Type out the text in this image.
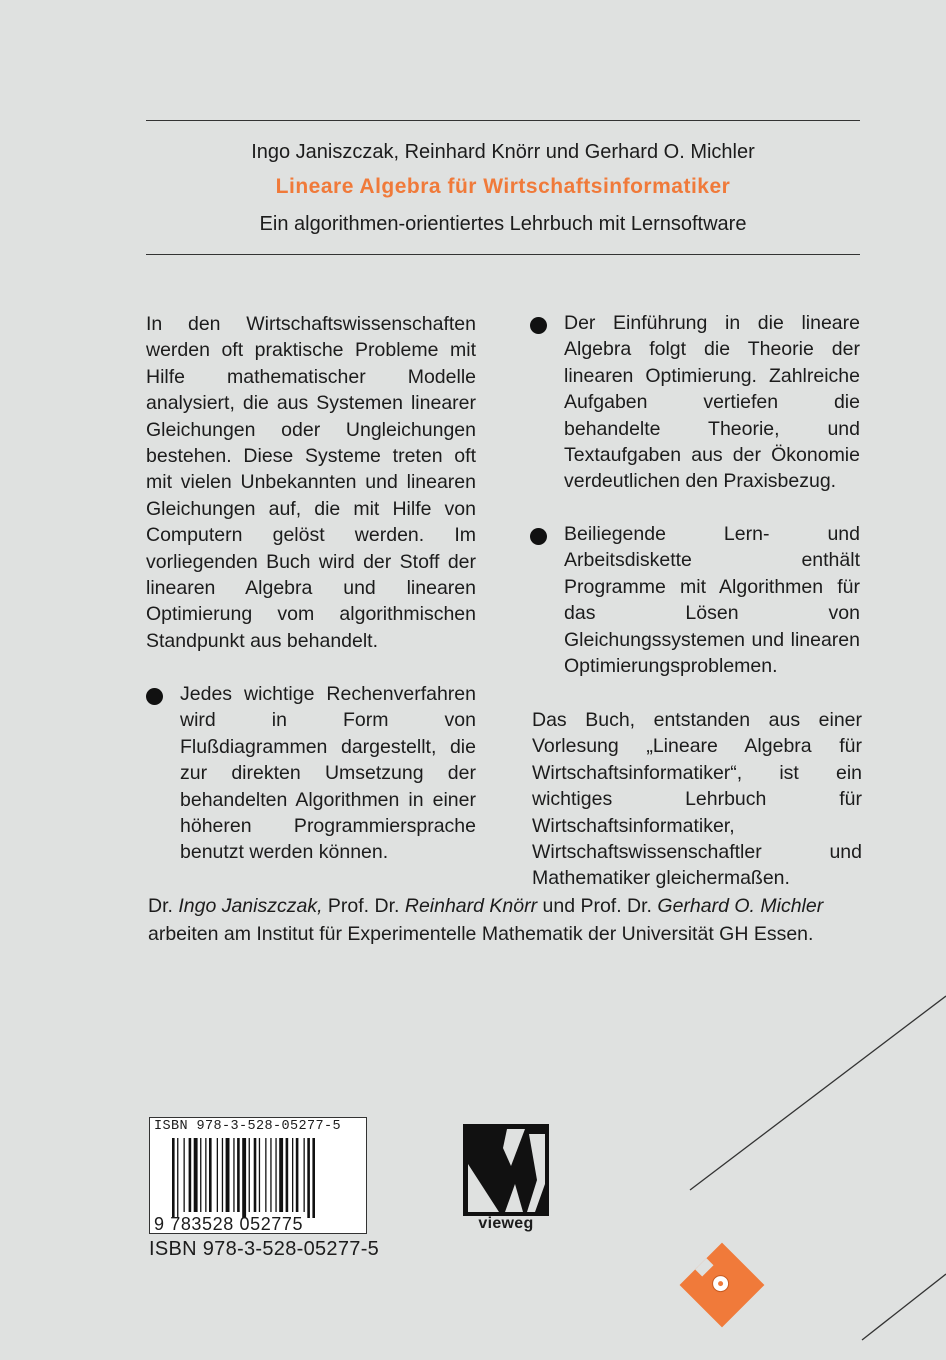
Ingo Janiszczak, Reinhard Knörr und Gerhard O. Michler
Lineare Algebra für Wirtschaftsinformatiker
Ein algorithmen-orientiertes Lehrbuch mit Lernsoftware

In den Wirtschaftswissenschaften werden oft praktische Probleme mit Hilfe mathematischer Modelle analysiert, die aus Systemen linearer Gleichungen oder Ungleichungen bestehen. Diese Systeme treten oft mit vielen Unbekannten und linearen Gleichungen auf, die mit Hilfe von Computern gelöst werden. Im vorliegenden Buch wird der Stoff der linearen Algebra und linearen Optimierung vom algorithmischen Standpunkt aus behandelt.

Jedes wichtige Rechenverfahren wird in Form von Flußdiagrammen dargestellt, die zur direkten Umsetzung der behandelten Algorithmen in einer höheren Programmiersprache benutzt werden können.

Der Einführung in die lineare Algebra folgt die Theorie der linearen Optimierung. Zahlreiche Aufgaben vertiefen die behandelte Theorie, und Textaufgaben aus der Ökonomie verdeutlichen den Praxisbezug.

Beiliegende Lern- und Arbeitsdiskette enthält Programme mit Algorithmen für das Lösen von Gleichungssystemen und linearen Optimierungsproblemen.

Das Buch, entstanden aus einer Vorlesung „Lineare Algebra für Wirtschaftsinformatiker“, ist ein wichtiges Lehrbuch für Wirtschaftsinformatiker, Wirtschaftswissenschaftler und Mathematiker gleichermaßen.

Dr. Ingo Janiszczak, Prof. Dr. Reinhard Knörr und Prof. Dr. Gerhard O. Michler
arbeiten am Institut für Experimentelle Mathematik der Universität GH Essen.

ISBN 978-3-528-05277-5
9 783528 052775
ISBN 978-3-528-05277-5
vieweg
